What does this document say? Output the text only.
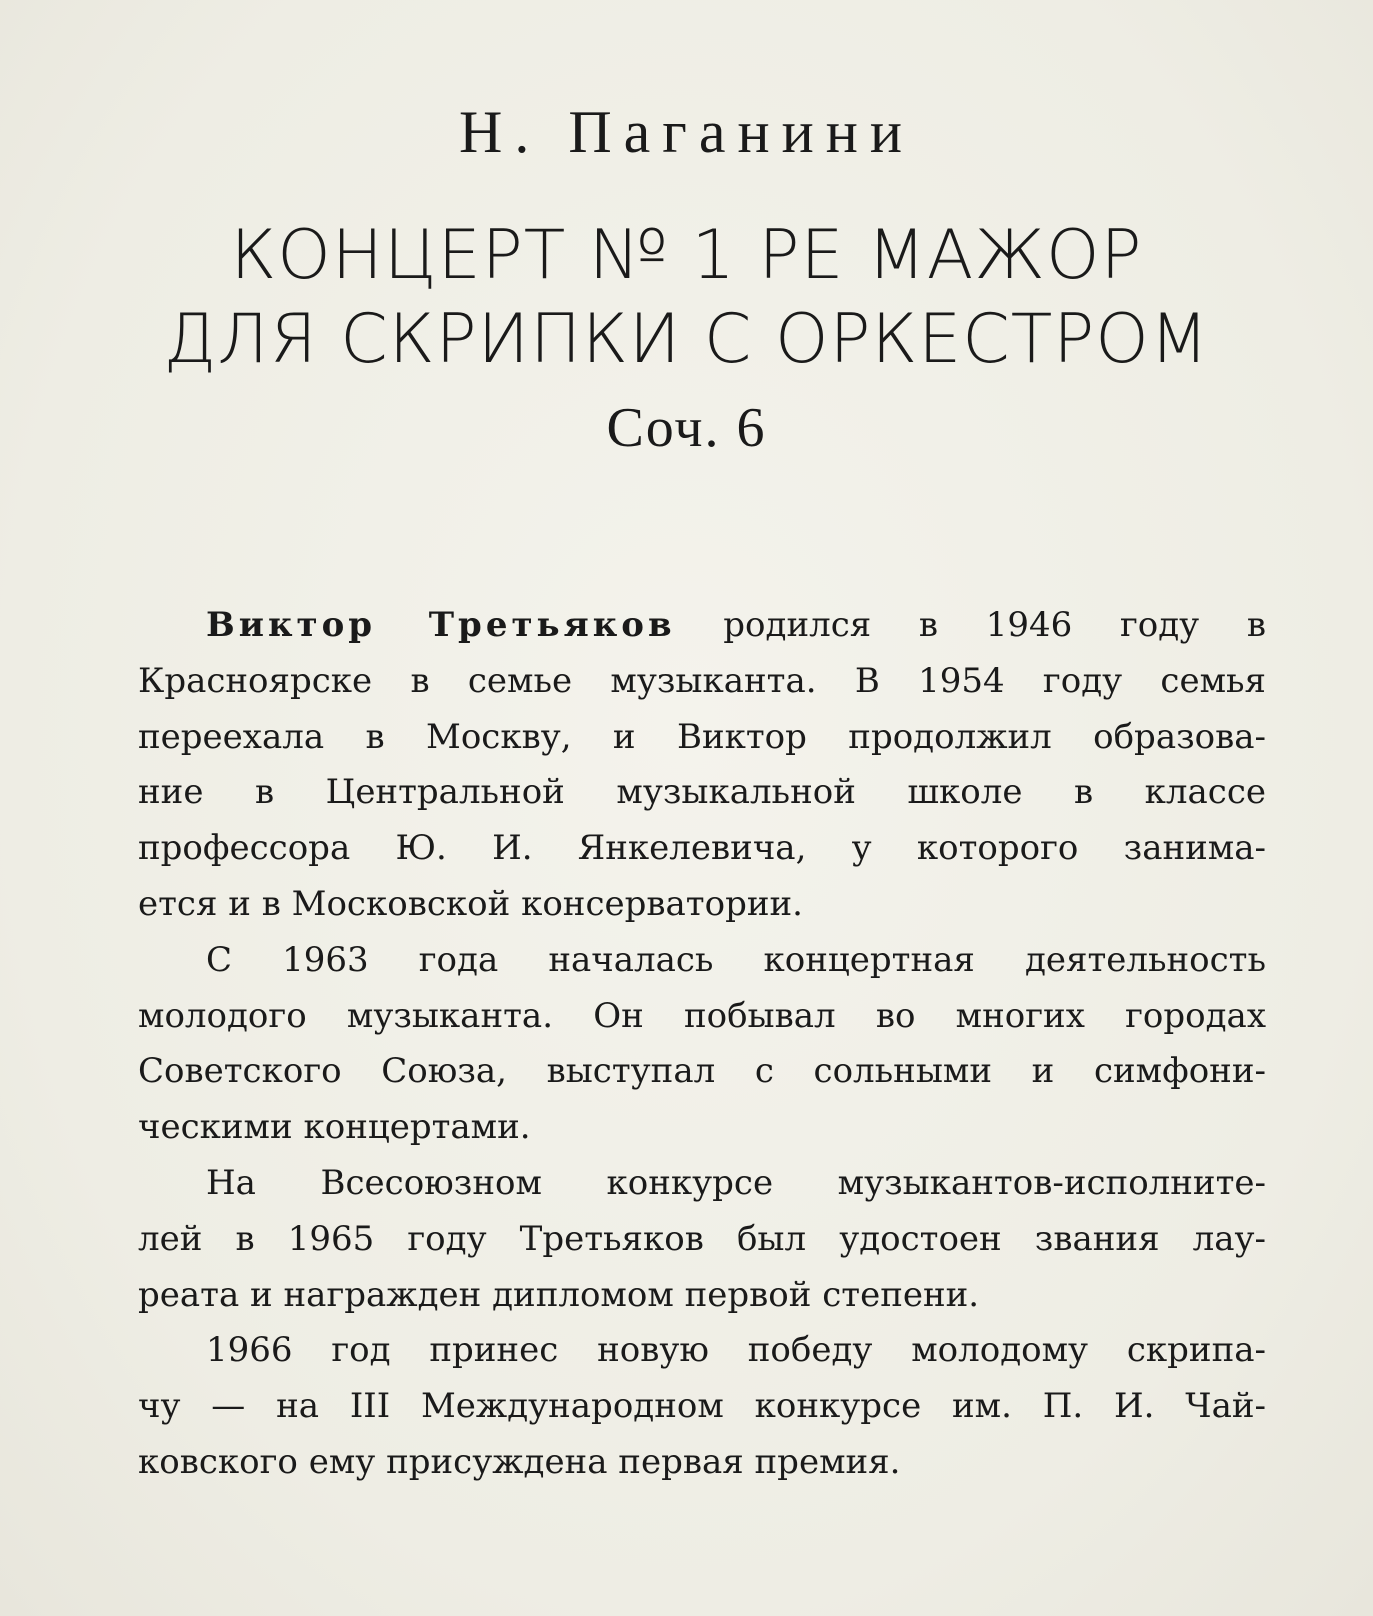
Н. Паганини
КОНЦЕРТ № 1 РЕ МАЖОР
ДЛЯ СКРИПКИ С ОРКЕСТРОМ
Соч. 6
Виктор Третьяков родился в 1946 году в
Красноярске в семье музыканта. В 1954 году семья
переехала в Москву, и Виктор продолжил образова-
ние в Центральной музыкальной школе в классе
профессора Ю. И. Янкелевича, у которого занима-
ется и в Московской консерватории.
С 1963 года началась концертная деятельность
молодого музыканта. Он побывал во многих городах
Советского Союза, выступал с сольными и симфони-
ческими концертами.
На Всесоюзном конкурсе музыкантов-исполните-
лей в 1965 году Третьяков был удостоен звания лау-
реата и награжден дипломом первой степени.
1966 год принес новую победу молодому скрипа-
чу — на III Международном конкурсе им. П. И. Чай-
ковского ему присуждена первая премия.
